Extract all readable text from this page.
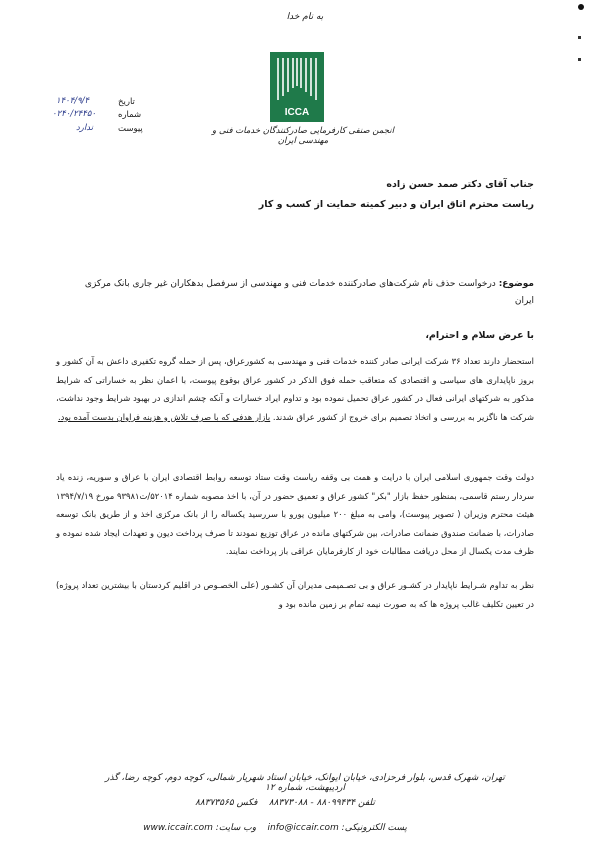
به نام خدا
ICCA
انجمن صنفی کارفرمایی صادرکنندگان خدمات فنی و مهندسی ایران
تاریخ
۱۴۰۴/۹/۴
شماره
۰۲۴۰/۲۴۴۵۰
پیوست
ندارد
جناب آقای دکتر صمد حسن زاده
ریاست محترم اتاق ایران و دبیر کمیته حمایت از کسب و کار
موضوع: درخواست حذف نام شرکت‌های صادرکننده خدمات فنی و مهندسی از سرفصل بدهکاران غیر جاری بانک مرکزی ایران
با عرض سلام و احترام،
استحضار دارند تعداد ۳۶ شرکت ایرانی صادر کننده خدمات فنی و مهندسی به کشورعراق، پس از حمله گروه تکفیری داعش به آن کشور و بروز ناپایداری های سیاسی و اقتصادی که متعاقب حمله فوق الذکر در کشور عراق بوقوع پیوست، با اعمان نظر به خساراتی که شرایط مذکور به شرکتهای ایرانی فعال در کشور عراق تحمیل نموده بود و تداوم ایراد خسارات و آنکه چشم اندازی در بهبود شرایط وجود نداشت، شرکت ها ناگزیر به بررسی و اتخاذ تصمیم برای خروج از کشور عراق شدند. بازار هدفی که با صرف تلاش و هزینه فراوان بدست آمده بود.
دولت وقت جمهوری اسلامی ایران با درایت و همت بی وقفه ریاست وقت ستاد توسعه روابط اقتصادی ایران با عراق و سوریه، زنده یاد سردار رستم قاسمی، بمنظور حفظ بازار "بکر" کشور عراق و تعمیق حضور در آن، با اخذ مصوبه شماره ۵۲۰۱۴/ت۹۳۹۸۱ مورخ ۱۳۹۴/۷/۱۹ هیئت محترم وزیران ( تصویر پیوست)، وامی به مبلغ ۲۰۰ میلیون یورو با سررسید یکساله را از بانک مرکزی اخذ و از طریق بانک توسعه صادرات، با ضمانت صندوق ضمانت صادرات، بین شرکتهای مانده در عراق توزیع نمودند تا صرف پرداخت دیون و تعهدات ایجاد شده نموده و ظرف مدت یکسال از محل دریافت مطالبات خود از کارفرمایان عراقی باز پرداخت نمایند.
نظر به تداوم شـرایط ناپایدار در کشـور عراق و بی تصـمیمی مدیران آن کشـور (علی الخصـوص در اقلیم کردستان با بیشترین تعداد پروژه) در تعیین تکلیف غالب پروژه ها که به صورت نیمه تمام بر زمین مانده بود و
تهران، شهرک قدس، بلوار فرحزادی، خیابان ایوانک، خیابان استاد شهریار شمالی، کوچه دوم، کوچه رضا، گذر اردیبهشت، شماره ۱۲
تلفن ۸۸۰۹۹۴۳۴ - ۸۸۳۷۳۰۸۸    فکس ۸۸۳۷۳۵۶۵
پست الکترونیکی: info@iccair.com    وب سایت: www.iccair.com
